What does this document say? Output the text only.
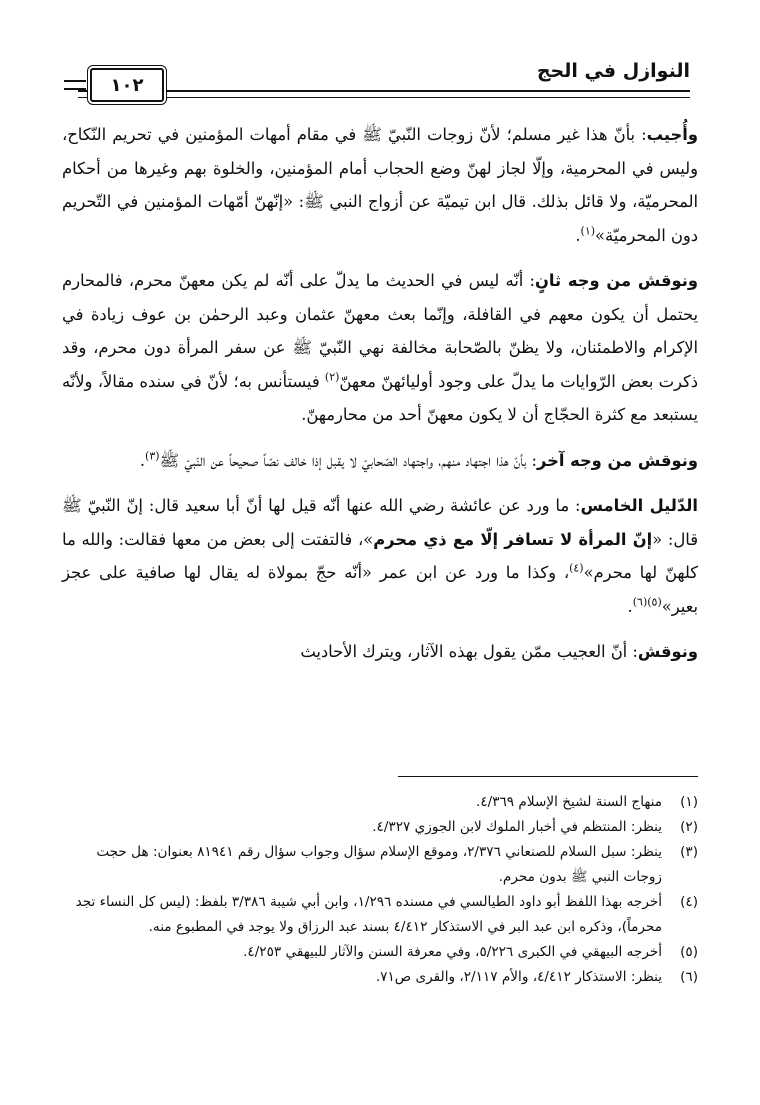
النوازل في الحج
١٠٢

وأُجيب: بأنّ هذا غير مسلم؛ لأنّ زوجات النّبيّ ﷺ في مقام أمهات المؤمنين في تحريم النّكاح، وليس في المحرمية، وإلّا لجاز لهنّ وضع الحجاب أمام المؤمنين، والخلوة بهم وغيرها من أحكام المحرميّة، ولا قائل بذلك. قال ابن تيميّة عن أزواج النبي ﷺ: «إنّهنّ أمّهات المؤمنين في التّحريم دون المحرميّة»$^{(١)}$.

ونوقش من وجه ثانٍ: أنّه ليس في الحديث ما يدلّ على أنّه لم يكن معهنّ محرم، فالمحارم يحتمل أن يكون معهم في القافلة، وإنّما بعث معهنّ عثمان وعبد الرحمٰن بن عوف زيادة في الإكرام والاطمئنان، ولا يظنّ بالصّحابة مخالفة نهي النّبيّ ﷺ عن سفر المرأة دون محرم، وقد ذكرت بعض الرّوايات ما يدلّ على وجود أوليائهنّ معهنّ$^{(٢)}$ فيستأنس به؛ لأنّ في سنده مقالاً، ولأنّه يستبعد مع كثرة الحجّاج أن لا يكون معهنّ أحد من محارمهنّ.

ونوقش من وجه آخر: بأنّ هذا اجتهاد منهم، واجتهاد الصّحابيّ لا يقبل إذا خالف نصّاً صحيحاً عن النّبيّ ﷺ$^{(٣)}$.

الدّليل الخامس: ما ورد عن عائشة رضي الله عنها أنّه قيل لها أنّ أبا سعيد قال: إنّ النّبيّ ﷺ قال: «إنّ المرأة لا تسافر إلّا مع ذي محرم»، فالتفتت إلى بعض من معها فقالت: والله ما كلهنّ لها محرم»$^{(٤)}$، وكذا ما ورد عن ابن عمر «أنّه حجّ بمولاة له يقال لها صافية على عجز بعير»$^{(٥)(٦)}$.

ونوقش: أنّ العجيب ممّن يقول بهذه الآثار، ويترك الأحاديث

(١)
منهاج السنة لشيخ الإسلام ٤/٣٦٩.
(٢)
ينظر: المنتظم في أخبار الملوك لابن الجوزي ٤/٣٢٧.
(٣)
ينظر: سبل السلام للصنعاني ٢/٣٧٦، وموقع الإسلام سؤال وجواب سؤال رقم ٨١٩٤١ بعنوان: هل حجت زوجات النبي ﷺ بدون محرم.
(٤)
أخرجه بهذا اللفظ أبو داود الطيالسي في مسنده ١/٢٩٦، وابن أبي شيبة ٣/٣٨٦ بلفظ: (ليس كل النساء تجد محرماً)، وذكره ابن عبد البر في الاستذكار ٤/٤١٢ بسند عبد الرزاق ولا يوجد في المطبوع منه.
(٥)
أخرجه البيهقي في الكبرى ٥/٢٢٦، وفي معرفة السنن والآثار للبيهقي ٤/٢٥٣.
(٦)
ينظر: الاستذكار ٤/٤١٢، والأم ٢/١١٧، والقرى ص٧١.
